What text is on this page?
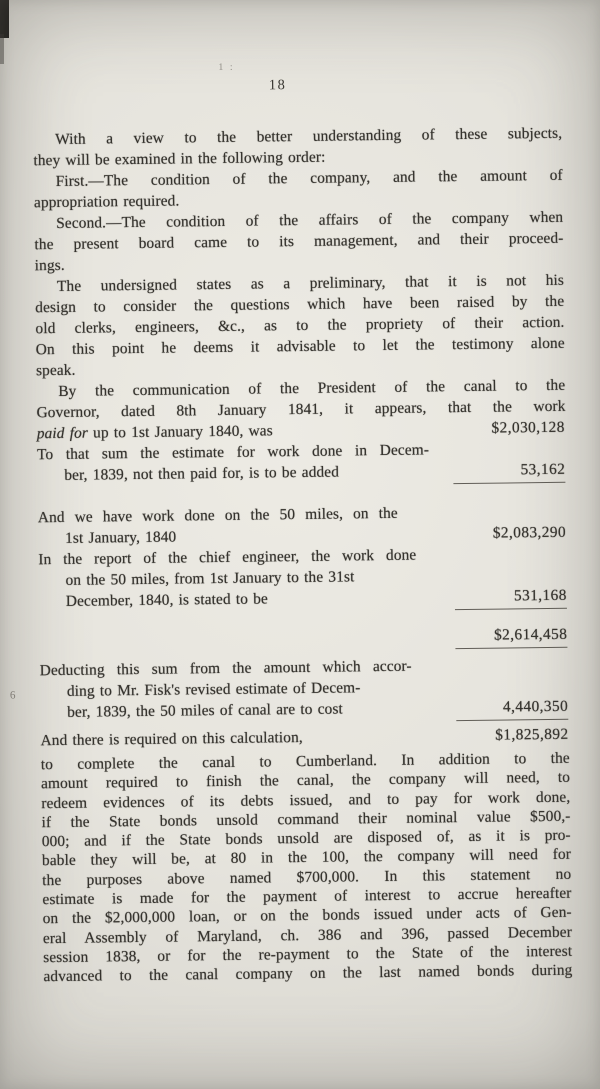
1 :
18
6
With a view to the better understanding of these subjects,
they will be examined in the following order:
First.—The condition of the company, and the amount of
appropriation required.
Second.—The condition of the affairs of the company when
the present board came to its management, and their proceed-
ings.
The undersigned states as a preliminary, that it is not his
design to consider the questions which have been raised by the
old clerks, engineers, &c., as to the propriety of their action.
On this point he deems it advisable to let the testimony alone
speak.
By the communication of the President of the canal to the
Governor, dated 8th January 1841, it appears, that the work
paid for up to 1st January 1840, was	$2,030,128
To that sum the estimate for work done in Decem-
ber, 1839, not then paid for, is to be added	53,162
And we have work done on the 50 miles, on the
1st January, 1840	$2,083,290
In the report of the chief engineer, the work done
on the 50 miles, from 1st January to the 31st
December, 1840, is stated to be	531,168
$2,614,458
Deducting this sum from the amount which accor-
ding to Mr. Fisk's revised estimate of Decem-
ber, 1839, the 50 miles of canal are to cost	4,440,350
And there is required on this calculation,	$1,825,892
to complete the canal to Cumberland. In addition to the
amount required to finish the canal, the company will need, to
redeem evidences of its debts issued, and to pay for work done,
if the State bonds unsold command their nominal value $500,-
000; and if the State bonds unsold are disposed of, as it is pro-
bable they will be, at 80 in the 100, the company will need for
the purposes above named $700,000. In this statement no
estimate is made for the payment of interest to accrue hereafter
on the $2,000,000 loan, or on the bonds issued under acts of Gen-
eral Assembly of Maryland, ch. 386 and 396, passed December
session 1838, or for the re-payment to the State of the interest
advanced to the canal company on the last named bonds during
